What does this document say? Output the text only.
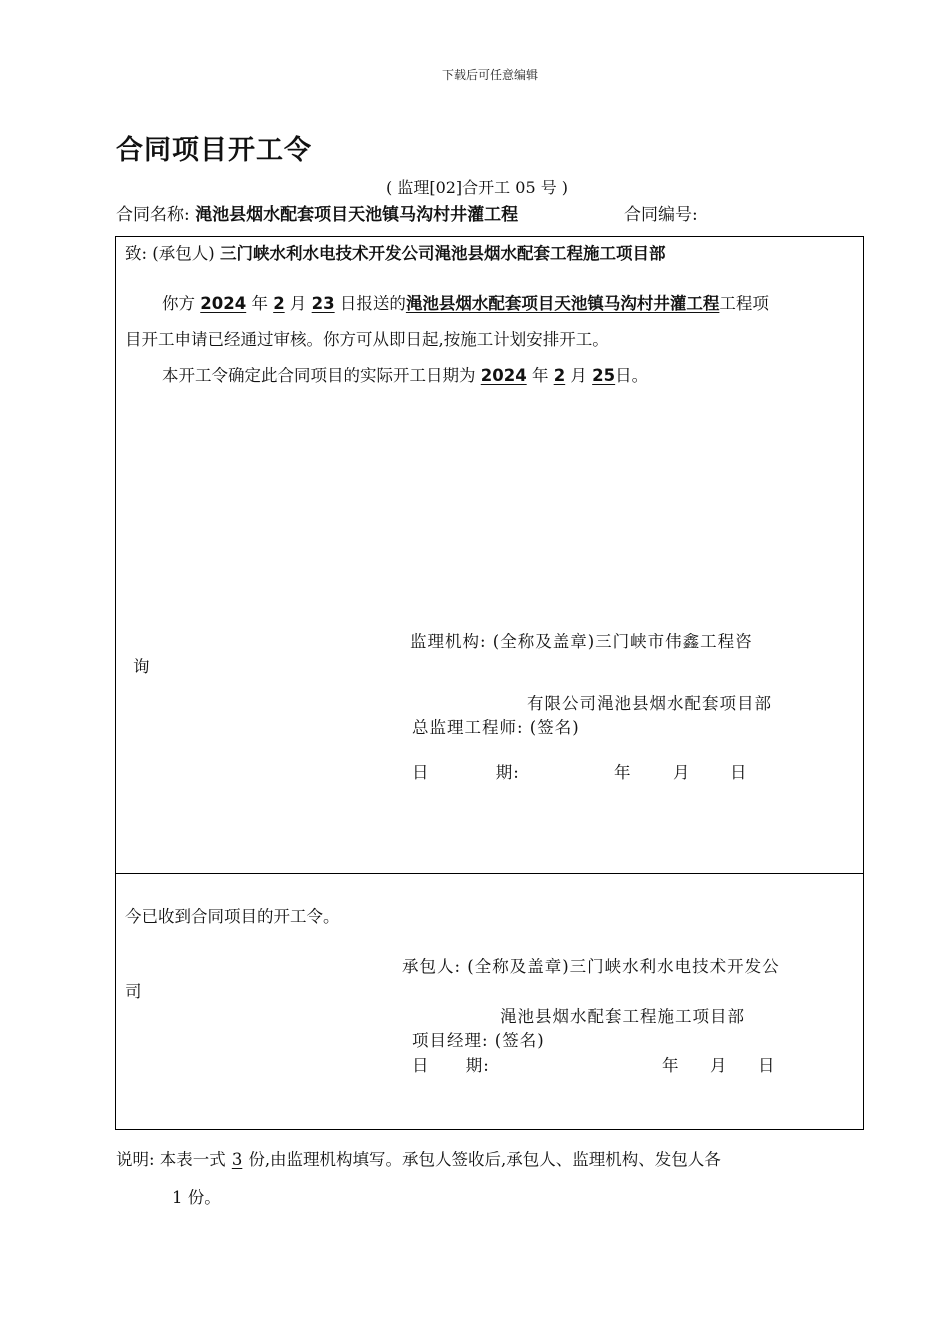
下载后可任意编辑
合同项目开工令
( 监理[02]合开工 05 号 )
合同名称: 渑池县烟水配套项目天池镇马沟村井灌工程	合同编号:
致: (承包人) 三门峡水利水电技术开发公司渑池县烟水配套工程施工项目部
你方 2024 年 2 月 23 日报送的渑池县烟水配套项目天池镇马沟村井灌工程工程项
目开工申请已经通过审核。你方可从即日起,按施工计划安排开工。
本开工令确定此合同项目的实际开工日期为 2024 年 2 月 25日。
监理机构: (全称及盖章)三门峡市伟鑫工程咨
询
有限公司渑池县烟水配套项目部
总监理工程师: (签名)
日 期:	年	月 日
今已收到合同项目的开工令。
承包人: (全称及盖章)三门峡水利水电技术开发公
司
渑池县烟水配套工程施工项目部
项目经理: (签名)
日 期:	年 月 日
说明: 本表一式 3 份,由监理机构填写。承包人签收后,承包人、监理机构、发包人各
1 份。
